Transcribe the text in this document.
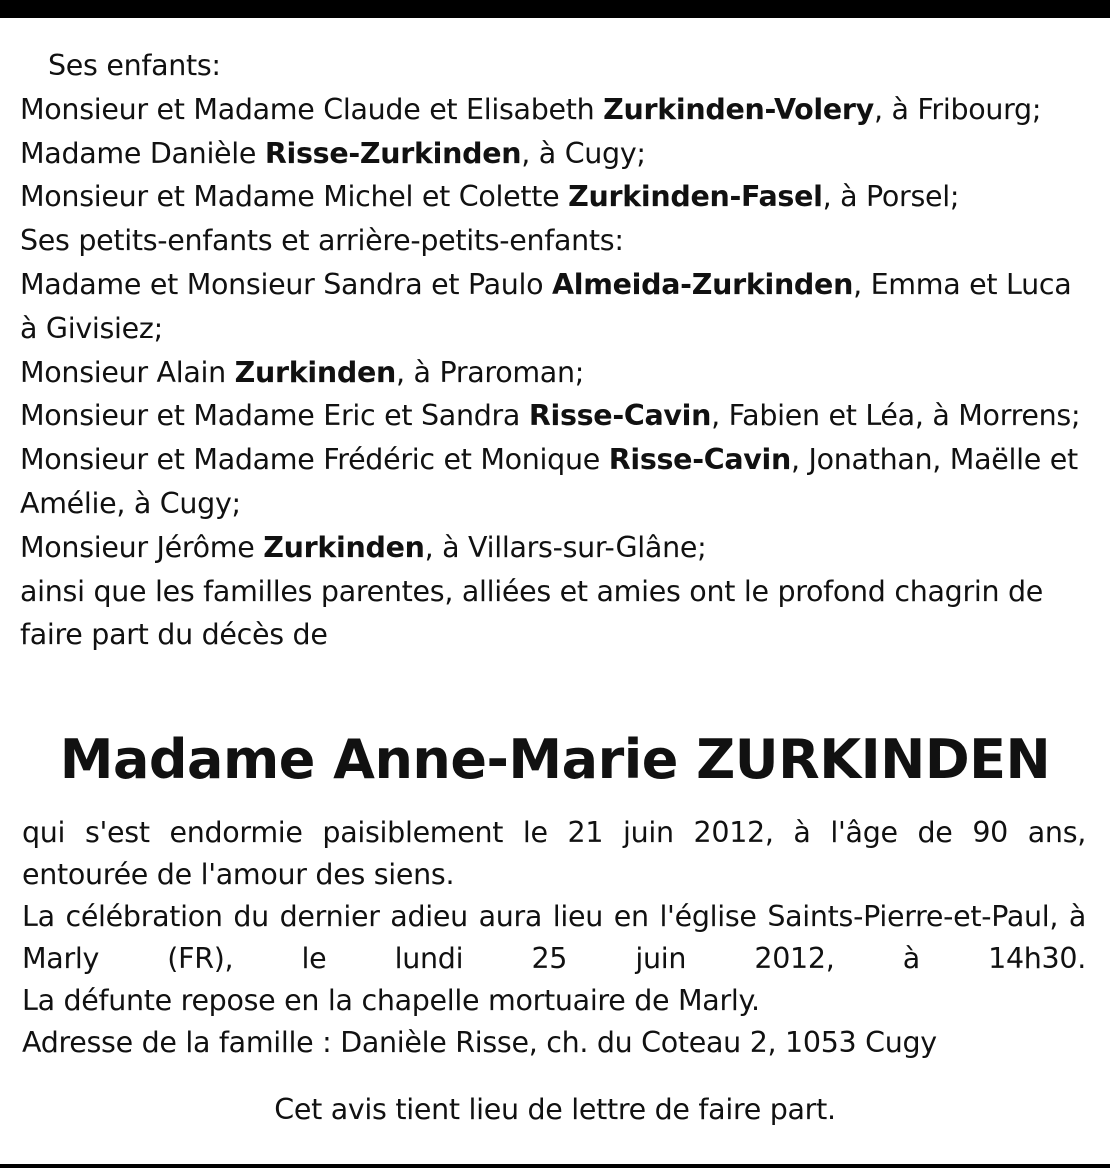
Ses enfants:

Monsieur et Madame Claude et Elisabeth Zurkinden-Volery, à Fribourg;

Madame Danièle Risse-Zurkinden, à Cugy;

Monsieur et Madame Michel et Colette Zurkinden-Fasel, à Porsel;

Ses petits-enfants et arrière-petits-enfants:

Madame et Monsieur Sandra et Paulo Almeida-Zurkinden, Emma et Luca à Givisiez;

Monsieur Alain Zurkinden, à Praroman;

Monsieur et Madame Eric et Sandra Risse-Cavin, Fabien et Léa, à Morrens;

Monsieur et Madame Frédéric et Monique Risse-Cavin, Jonathan, Maëlle et Amélie, à Cugy;

Monsieur Jérôme Zurkinden, à Villars-sur-Glâne;

ainsi que les familles parentes, alliées et amies ont le profond chagrin de faire part du décès de

Madame Anne-Marie ZURKINDEN

qui s'est endormie paisiblement le 21 juin 2012, à l'âge de 90 ans,

entourée de l'amour des siens.

La célébration du dernier adieu aura lieu en l'église Saints-Pierre-et-Paul, à Marly (FR), le lundi 25 juin 2012, à 14h30.

La défunte repose en la chapelle mortuaire de Marly.

Adresse de la famille : Danièle Risse, ch. du Coteau 2, 1053 Cugy

Cet avis tient lieu de lettre de faire part.
